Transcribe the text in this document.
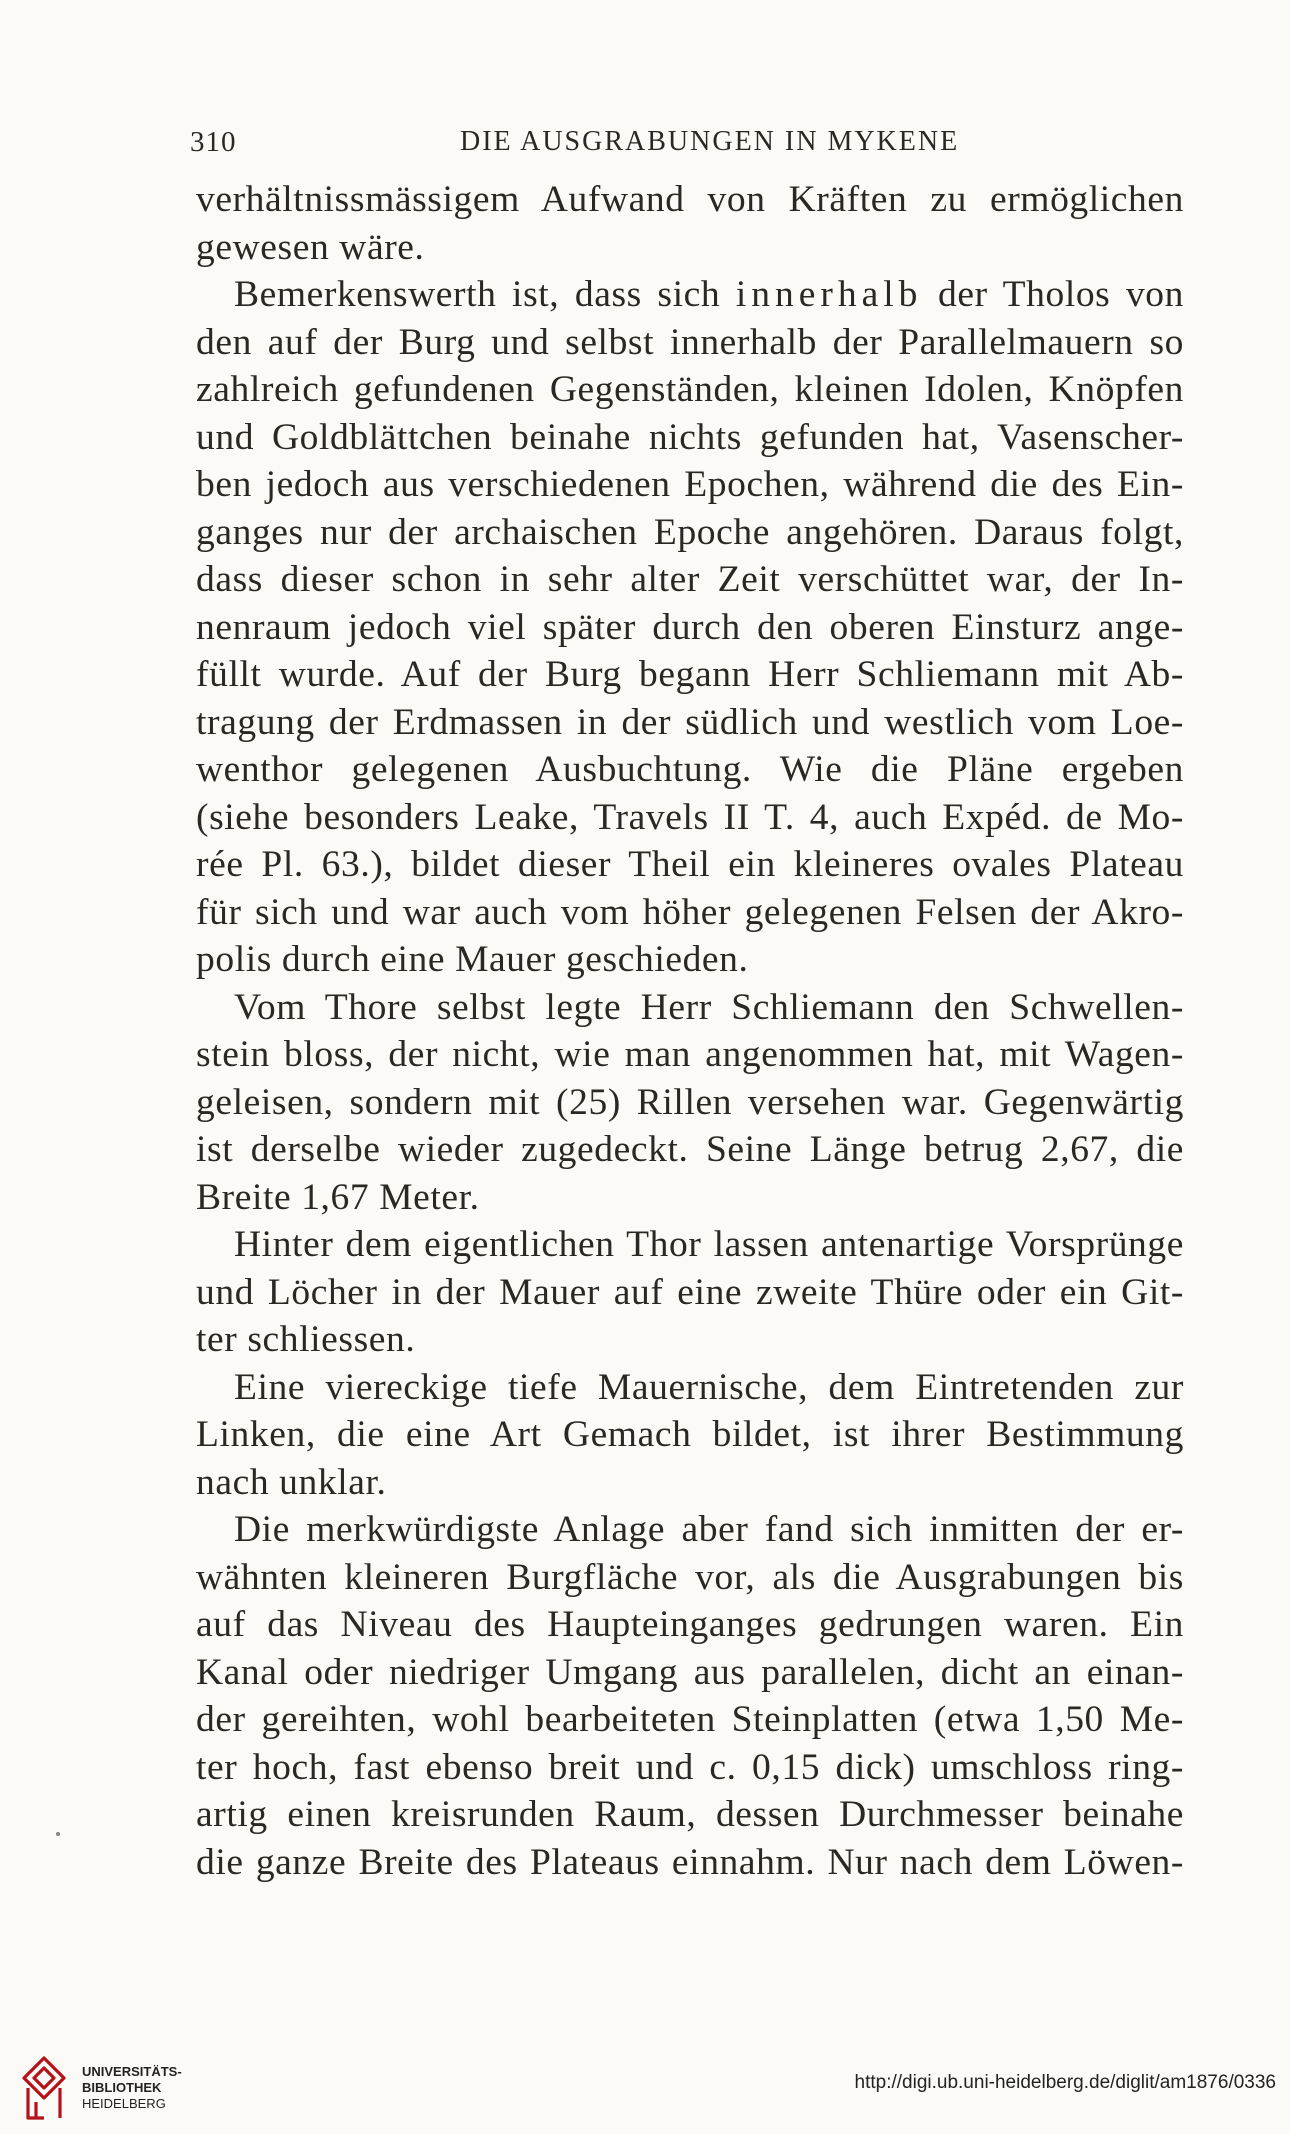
310	DIE AUSGRABUNGEN IN MYKENE
verhältnissmässigem Aufwand von Kräften zu ermöglichen
gewesen wäre.
Bemerkenswerth ist, dass sich innerhalb der Tholos von
den auf der Burg und selbst innerhalb der Parallelmauern so
zahlreich gefundenen Gegenständen, kleinen Idolen, Knöpfen
und Goldblättchen beinahe nichts gefunden hat, Vasenscher-
ben jedoch aus verschiedenen Epochen, während die des Ein-
ganges nur der archaischen Epoche angehören. Daraus folgt,
dass dieser schon in sehr alter Zeit verschüttet war, der In-
nenraum jedoch viel später durch den oberen Einsturz ange-
füllt wurde. Auf der Burg begann Herr Schliemann mit Ab-
tragung der Erdmassen in der südlich und westlich vom Loe-
wenthor gelegenen Ausbuchtung. Wie die Pläne ergeben
(siehe besonders Leake, Travels II T. 4, auch Expéd. de Mo-
rée Pl. 63.), bildet dieser Theil ein kleineres ovales Plateau
für sich und war auch vom höher gelegenen Felsen der Akro-
polis durch eine Mauer geschieden.
Vom Thore selbst legte Herr Schliemann den Schwellen-
stein bloss, der nicht, wie man angenommen hat, mit Wagen-
geleisen, sondern mit (25) Rillen versehen war. Gegenwärtig
ist derselbe wieder zugedeckt. Seine Länge betrug 2,67, die
Breite 1,67 Meter.
Hinter dem eigentlichen Thor lassen antenartige Vorsprünge
und Löcher in der Mauer auf eine zweite Thüre oder ein Git-
ter schliessen.
Eine viereckige tiefe Mauernische, dem Eintretenden zur
Linken, die eine Art Gemach bildet, ist ihrer Bestimmung
nach unklar.
Die merkwürdigste Anlage aber fand sich inmitten der er-
wähnten kleineren Burgfläche vor, als die Ausgrabungen bis
auf das Niveau des Haupteinganges gedrungen waren. Ein
Kanal oder niedriger Umgang aus parallelen, dicht an einan-
der gereihten, wohl bearbeiteten Steinplatten (etwa 1,50 Me-
ter hoch, fast ebenso breit und c. 0,15 dick) umschloss ring-
artig einen kreisrunden Raum, dessen Durchmesser beinahe
die ganze Breite des Plateaus einnahm. Nur nach dem Löwen-
UNIVERSITÄTS-
BIBLIOTHEK
HEIDELBERG
http://digi.ub.uni-heidelberg.de/diglit/am1876/0336
